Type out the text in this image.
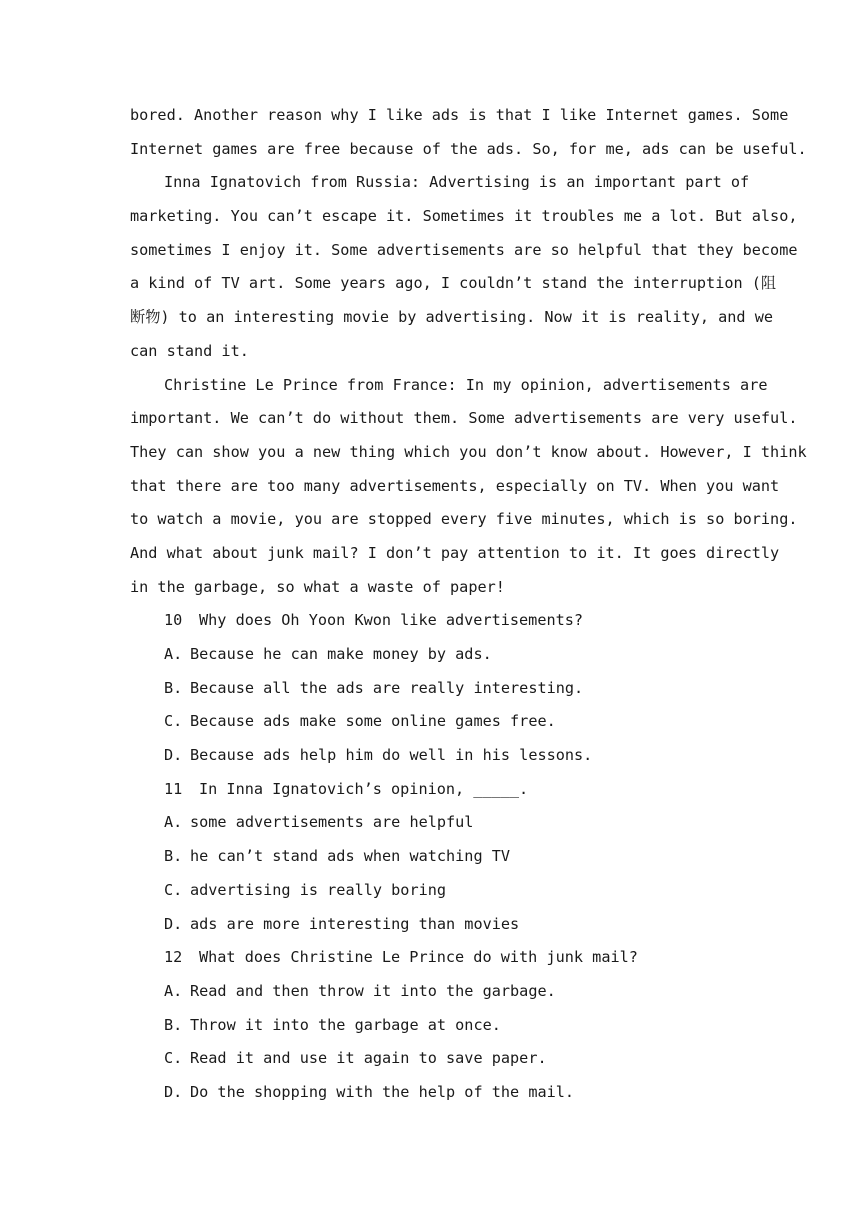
bored. Another reason why I like ads is that I like Internet games. Some
Internet games are free because of the ads. So, for me, ads can be useful.
Inna Ignatovich from Russia: Advertising is an important part of
marketing. You can’t escape it. Sometimes it troubles me a lot. But also,
sometimes I enjoy it. Some advertisements are so helpful that they become
a kind of TV art. Some years ago, I couldn’t stand the interruption (阻
断物) to an interesting movie by advertising. Now it is reality, and we
can stand it.
Christine Le Prince from France: In my opinion, advertisements are
important. We can’t do without them. Some advertisements are very useful.
They can show you a new thing which you don’t know about. However, I think
that there are too many advertisements, especially on TV. When you want
to watch a movie, you are stopped every five minutes, which is so boring.
And what about junk mail? I don’t pay attention to it. It goes directly
in the garbage, so what a waste of paper!
10 Why does Oh Yoon Kwon like advertisements?
A. Because he can make money by ads.
B. Because all the ads are really interesting.
C. Because ads make some online games free.
D. Because ads help him do well in his lessons.
11 In Inna Ignatovich’s opinion, _____.
A. some advertisements are helpful
B. he can’t stand ads when watching TV
C. advertising is really boring
D. ads are more interesting than movies
12 What does Christine Le Prince do with junk mail?
A. Read and then throw it into the garbage.
B. Throw it into the garbage at once.
C. Read it and use it again to save paper.
D. Do the shopping with the help of the mail.
